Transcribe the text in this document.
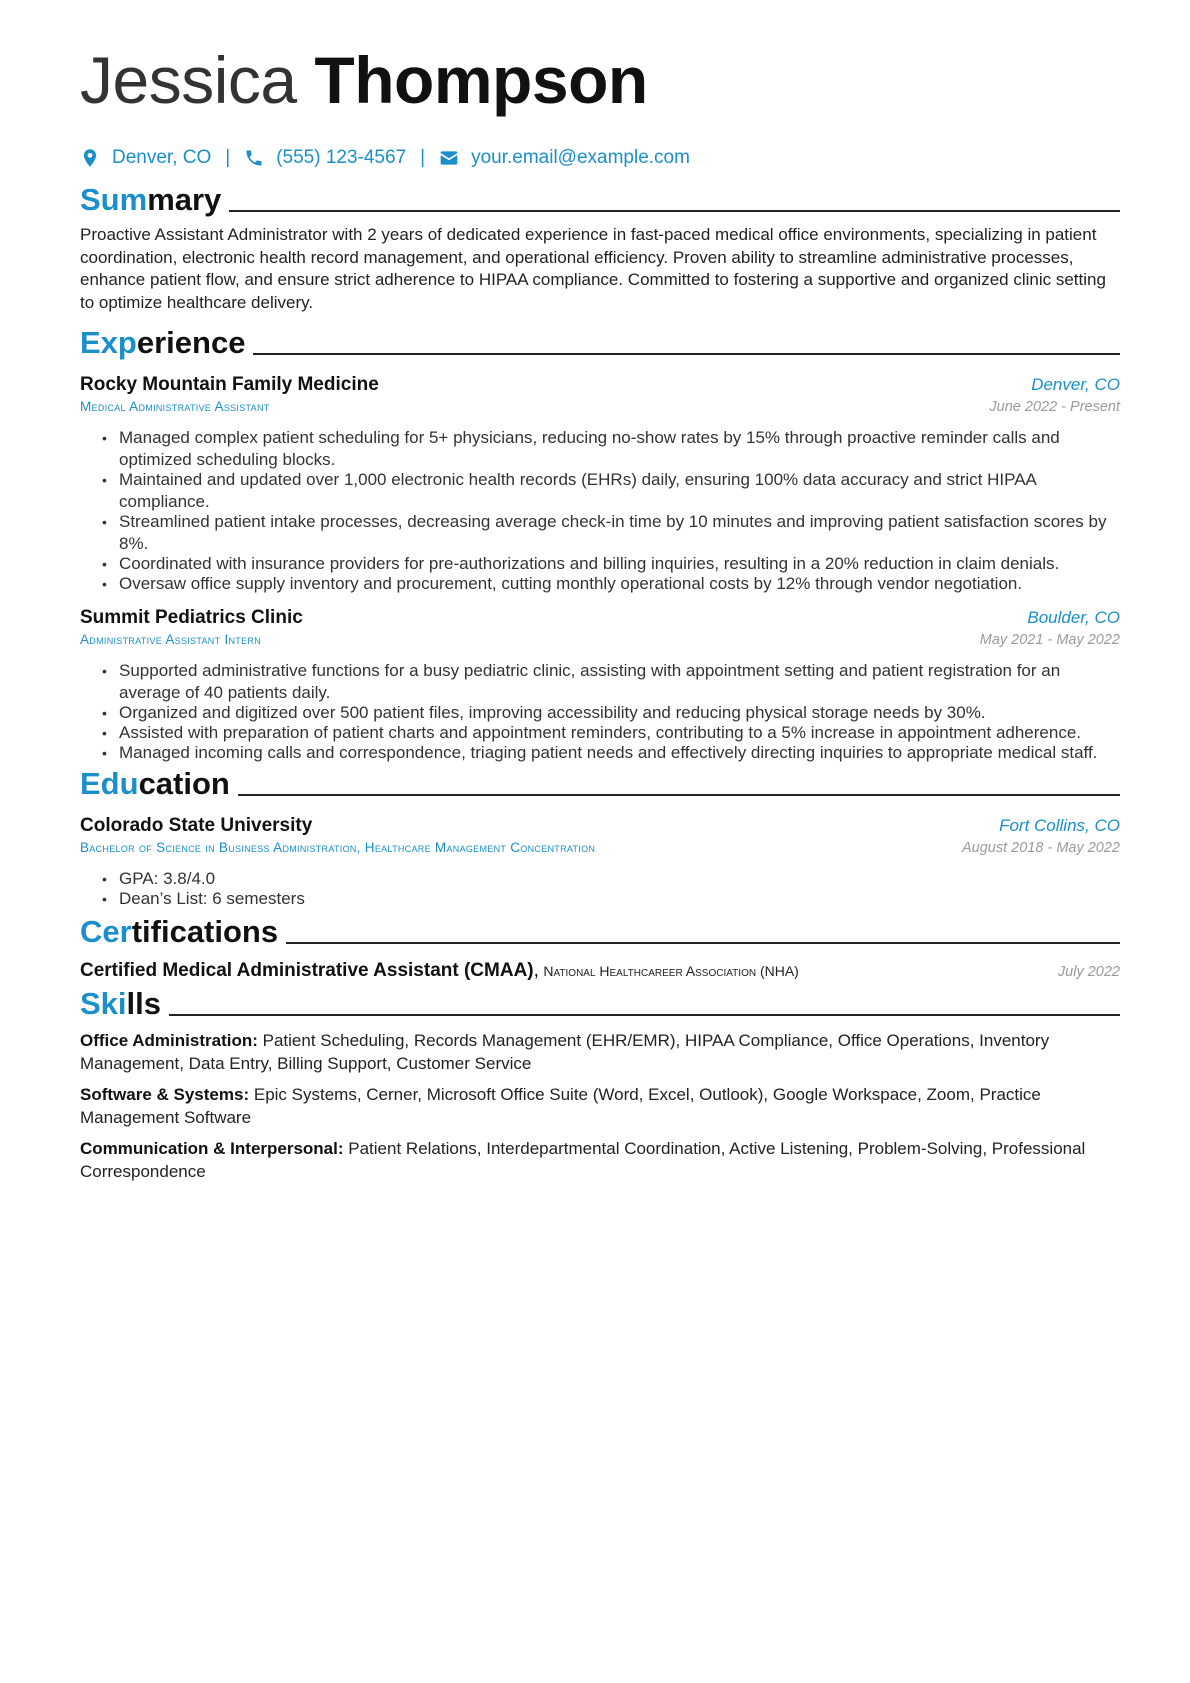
Jessica Thompson
Denver, CO | (555) 123-4567 | your.email@example.com
Summary

Proactive Assistant Administrator with 2 years of dedicated experience in fast-paced medical office environments, specializing in patient coordination, electronic health record management, and operational efficiency. Proven ability to streamline administrative processes, enhance patient flow, and ensure strict adherence to HIPAA compliance. Committed to fostering a supportive and organized clinic setting to optimize healthcare delivery.

Experience
Rocky Mountain Family Medicine	Denver, CO
Medical Administrative Assistant	June 2022 - Present
• Managed complex patient scheduling for 5+ physicians, reducing no-show rates by 15% through proactive reminder calls and optimized scheduling blocks.
• Maintained and updated over 1,000 electronic health records (EHRs) daily, ensuring 100% data accuracy and strict HIPAA compliance.
• Streamlined patient intake processes, decreasing average check-in time by 10 minutes and improving patient satisfaction scores by 8%.
• Coordinated with insurance providers for pre-authorizations and billing inquiries, resulting in a 20% reduction in claim denials.
• Oversaw office supply inventory and procurement, cutting monthly operational costs by 12% through vendor negotiation.
Summit Pediatrics Clinic	Boulder, CO
Administrative Assistant Intern	May 2021 - May 2022
• Supported administrative functions for a busy pediatric clinic, assisting with appointment setting and patient registration for an average of 40 patients daily.
• Organized and digitized over 500 patient files, improving accessibility and reducing physical storage needs by 30%.
• Assisted with preparation of patient charts and appointment reminders, contributing to a 5% increase in appointment adherence.
• Managed incoming calls and correspondence, triaging patient needs and effectively directing inquiries to appropriate medical staff.
Education
Colorado State University	Fort Collins, CO
Bachelor of Science in Business Administration, Healthcare Management Concentration	August 2018 - May 2022
• GPA: 3.8/4.0
• Dean’s List: 6 semesters
Certifications
Certified Medical Administrative Assistant (CMAA), National Healthcareer Association (NHA)	July 2022
Skills

Office Administration: Patient Scheduling, Records Management (EHR/EMR), HIPAA Compliance, Office Operations, Inventory Management, Data Entry, Billing Support, Customer Service

Software & Systems: Epic Systems, Cerner, Microsoft Office Suite (Word, Excel, Outlook), Google Workspace, Zoom, Practice Management Software

Communication & Interpersonal: Patient Relations, Interdepartmental Coordination, Active Listening, Problem-Solving, Professional Correspondence
